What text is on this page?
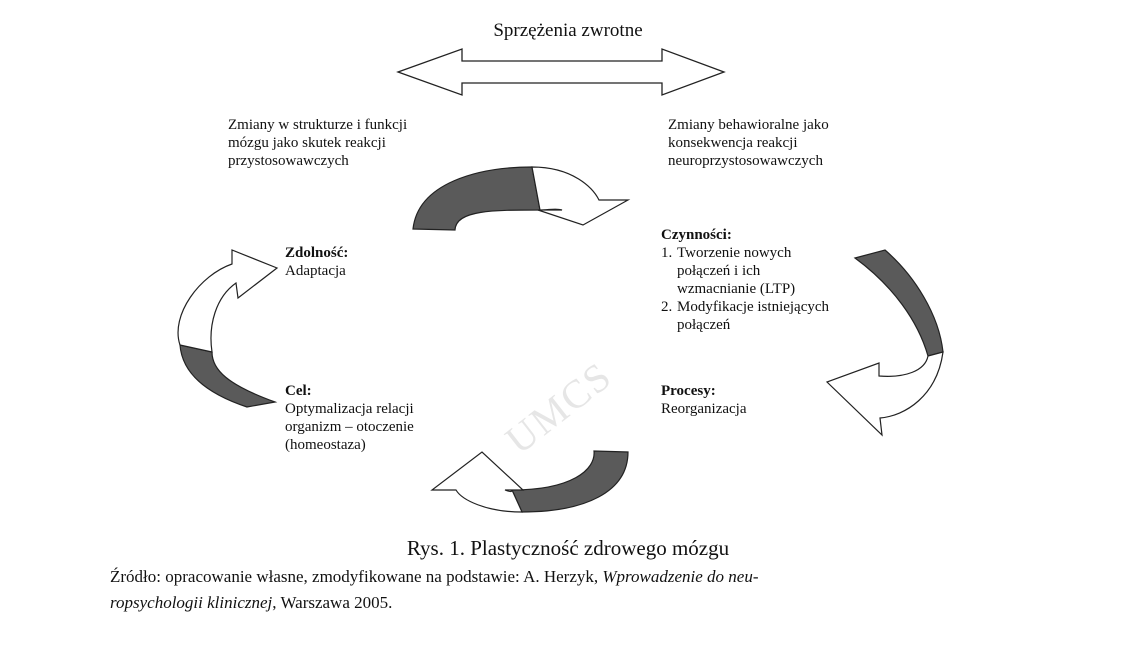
Sprzężenia zwrotne
UMCS
Zmiany w strukturze i funkcji
mózgu jako skutek reakcji
przystosowawczych
Zmiany behawioralne jako
konsekwencja reakcji
neuroprzystosowawczych
Zdolność:
Adaptacja
Czynności:
1. Tworzenie nowych
połączeń i ich
wzmacnianie (LTP)
2. Modyfikacje istniejących
połączeń
Cel:
Optymalizacja relacji
organizm – otoczenie
(homeostaza)
Procesy:
Reorganizacja
Rys. 1. Plastyczność zdrowego mózgu
Źródło: opracowanie własne, zmodyfikowane na podstawie: A. Herzyk, Wprowadzenie do neu-ropsychologii klinicznej, Warszawa 2005.
